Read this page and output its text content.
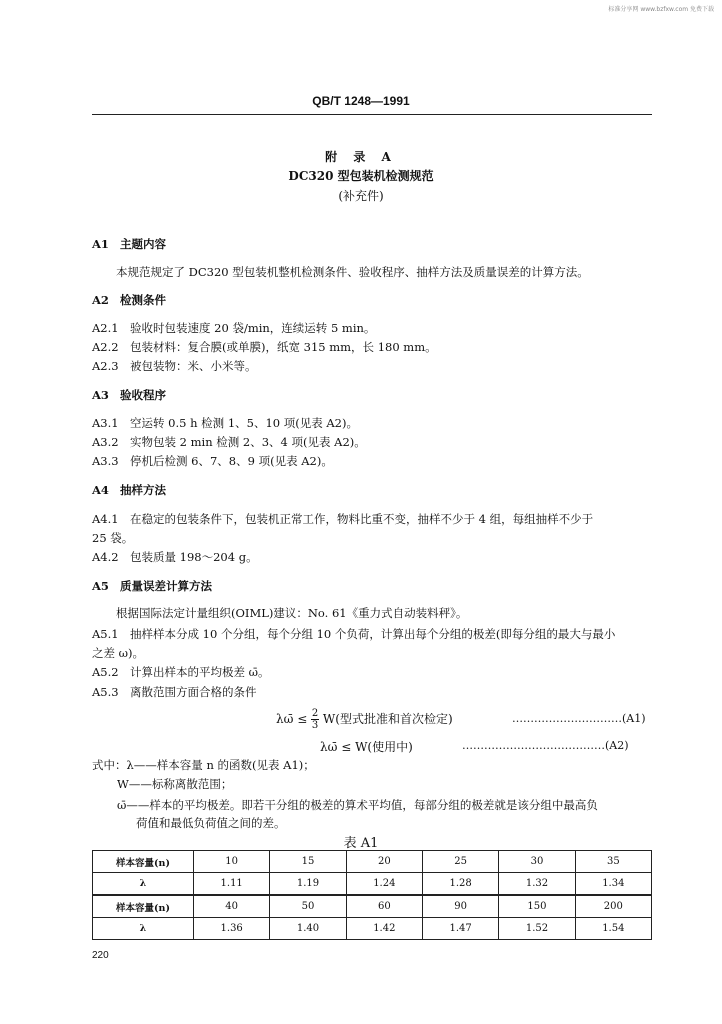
标准分享网 www.bzfxw.com 免费下载
QB/T 1248—1991
附 录 A
DC320 型包装机检测规范
(补充件)
A1 主题内容
本规范规定了 DC320 型包装机整机检测条件、验收程序、抽样方法及质量误差的计算方法。
A2 检测条件
A2.1 验收时包装速度 20 袋/min，连续运转 5 min。
A2.2 包装材料：复合膜(或单膜)，纸宽 315 mm，长 180 mm。
A2.3 被包装物：米、小米等。
A3 验收程序
A3.1 空运转 0.5 h 检测 1、5、10 项(见表 A2)。
A3.2 实物包装 2 min 检测 2、3、4 项(见表 A2)。
A3.3 停机后检测 6、7、8、9 项(见表 A2)。
A4 抽样方法
A4.1 在稳定的包装条件下，包装机正常工作，物料比重不变，抽样不少于 4 组，每组抽样不少于
25 袋。
A4.2 包装质量 198～204 g。
A5 质量误差计算方法
根据国际法定计量组织(OIML)建议：No. 61《重力式自动装料秤》。
A5.1 抽样样本分成 10 个分组，每个分组 10 个负荷，计算出每个分组的极差(即每分组的最大与最小
之差 ω)。
A5.2 计算出样本的平均极差 ω̄。
A5.3 离散范围方面合格的条件
λω̄ ≤ $\frac{2}{3} W$(型式批准和首次检定)	…………………………(A1)
λω̄ ≤ W(使用中)	…………………………………(A2)
式中：λ——样本容量 n 的函数(见表 A1)；
W——标称离散范围；
ω̄——样本的平均极差。即若干分组的极差的算术平均值，每部分组的极差就是该分组中最高负
荷值和最低负荷值之间的差。
表 A1
样本容量(n)	10	15	20	25	30	35
λ	1.11	1.19	1.24	1.28	1.32	1.34
样本容量(n)	40	50	60	90	150	200
λ	1.36	1.40	1.42	1.47	1.52	1.54
220
